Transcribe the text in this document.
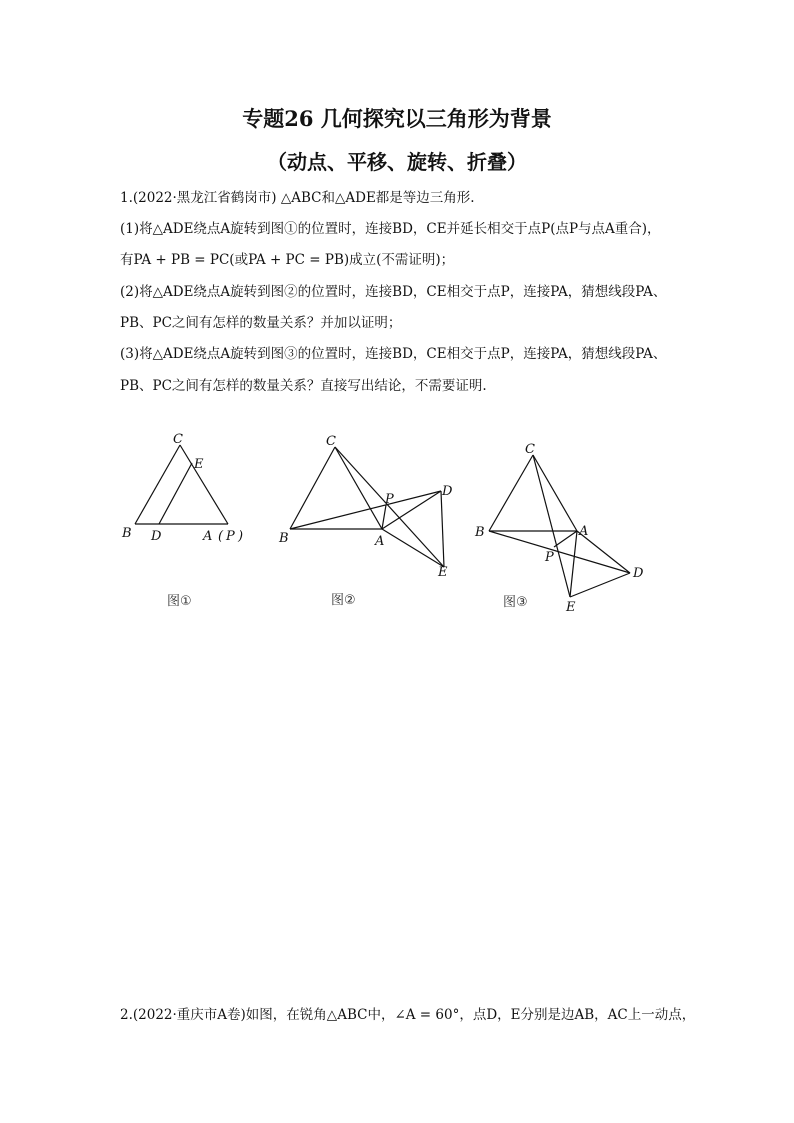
专题26 几何探究以三角形为背景
（动点、平移、旋转、折叠）
1.(2022·黑龙江省鹤岗市) △ABC和△ADE都是等边三角形.
(1)将△ADE绕点A旋转到图①的位置时，连接BD，CE并延长相交于点P(点P与点A重合)，
有PA + PB = PC(或PA + PC = PB)成立(不需证明)；
(2)将△ADE绕点A旋转到图②的位置时，连接BD，CE相交于点P，连接PA，猜想线段PA、
PB、PC之间有怎样的数量关系？并加以证明；
(3)将△ADE绕点A旋转到图③的位置时，连接BD，CE相交于点P，连接PA，猜想线段PA、
PB、PC之间有怎样的数量关系？直接写出结论，不需要证明.
C
E
B D	A ( P )
图①
C
P
D
B	A
E
图②
C
B	A
P
D
E
图③
2.(2022·重庆市A卷)如图，在锐角△ABC中，∠A = 60°，点D，E分别是边AB，AC上一动点，
